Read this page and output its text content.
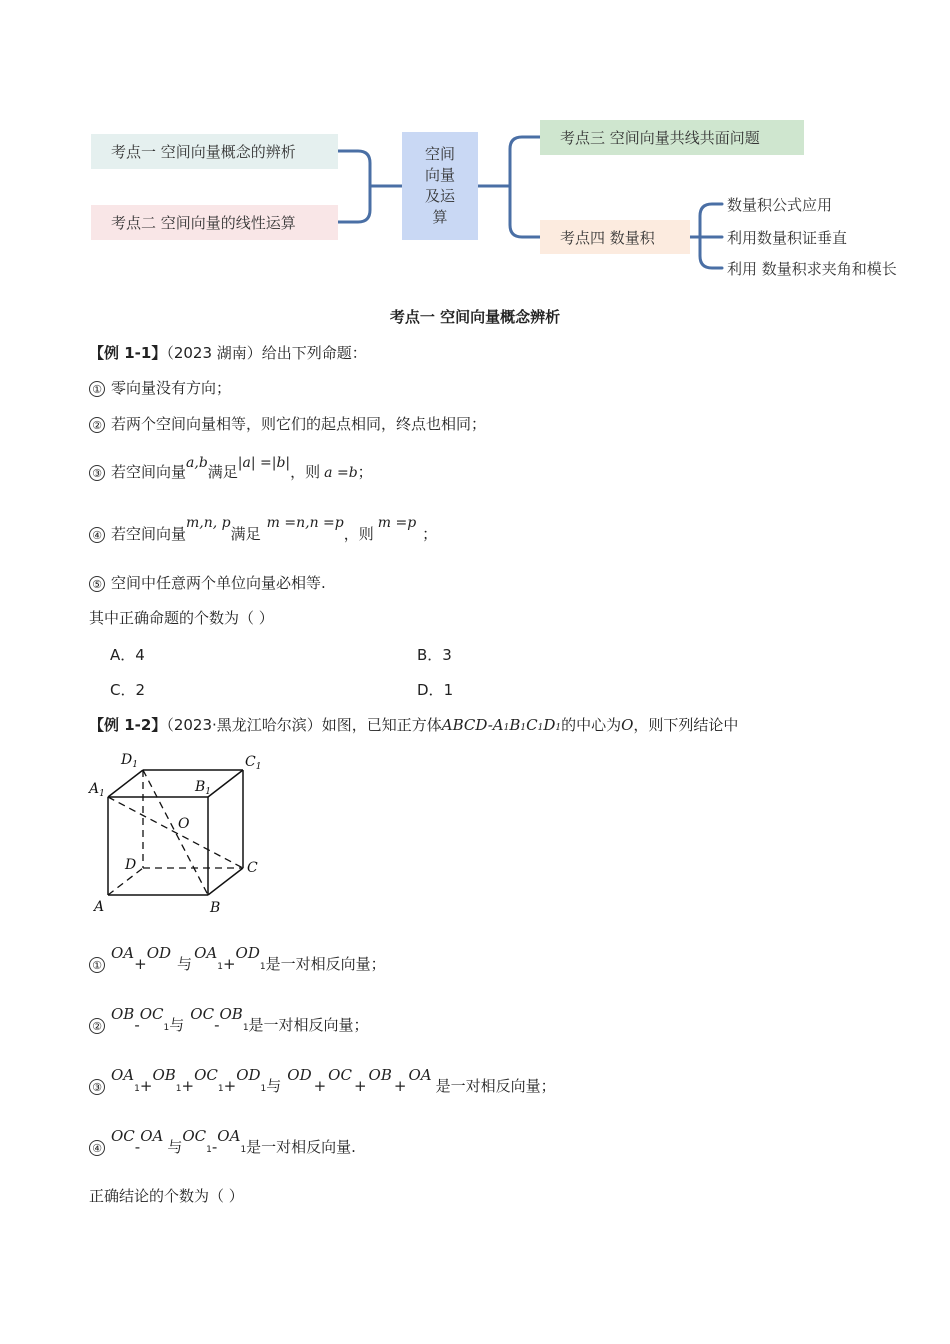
考点一 空间向量概念的辨析
考点二 空间向量的线性运算
空间
向量
及运
算
考点三 空间向量共线共面问题
考点四 数量积
数量积公式应用
利用数量积证垂直
利用 数量积求夹角和模长
考点一 空间向量概念辨析
【例 1-1】（2023 湖南）给出下列命题：
① 零向量没有方向；
② 若两个空间向量相等，则它们的起点相同，终点也相同；
③ 若空间向量a,b满足|a| =|b|，则 a =b；
④ 若空间向量m,n, p满足m =n,n =p，则m =p；
⑤ 空间中任意两个单位向量必相等.
其中正确命题的个数为（ ）
A．4	B．3
C．2	D．1
【例 1-2】（2023·黑龙江哈尔滨）如图，已知正方体ABCD-A1B1C1D1的中心为O，则下列结论中
$D_1$	$C_1$
$A_1$	$B_1$
O
D	C
A	B
①OA+OD与OA1+OD1是一对相反向量；
②OB-OC1与OC-OB1是一对相反向量；
③OA1+OB1+OC1+OD1与OD+OC+OB+OA是一对相反向量；
④OC-OA与OC1-OA1是一对相反向量.
正确结论的个数为（ ）
